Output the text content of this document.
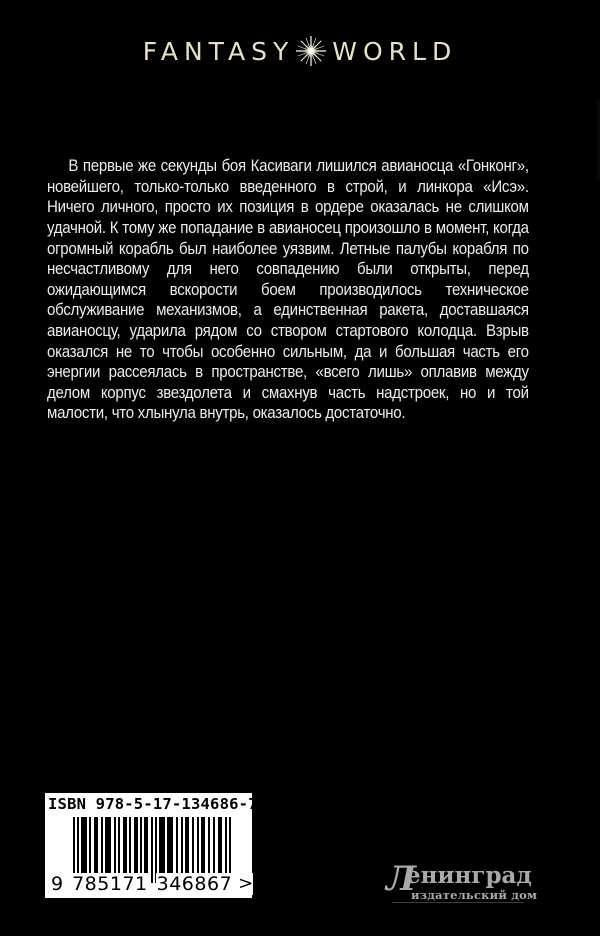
FANTASY WORLD

В первые же секунды боя Касиваги лишился авианосца «Гонконг», новейшего, только-только введенного в строй, и линкора «Исэ». Ничего личного, просто их позиция в ордере оказалась не слишком удачной. К тому же попадание в авианосец произошло в момент, когда огромный корабль был наиболее уязвим. Летные палубы корабля по несчастливому для него совпадению были открыты, перед ожидающимся вскорости боем производилось техническое обслуживание механизмов, а единственная ракета, доставшаяся авианосцу, ударила рядом со створом стартового колодца. Взрыв оказался не то чтобы особенно сильным, да и большая часть его энергии рассеялась в пространстве, «всего лишь» оплавив между делом корпус звездолета и смахнув часть надстроек, но и той малости, что хлынула внутрь, оказалось достаточно.

ISBN 978-5-17-134686-7
9 785171 346867 >	Л
енинград
издательский дом
